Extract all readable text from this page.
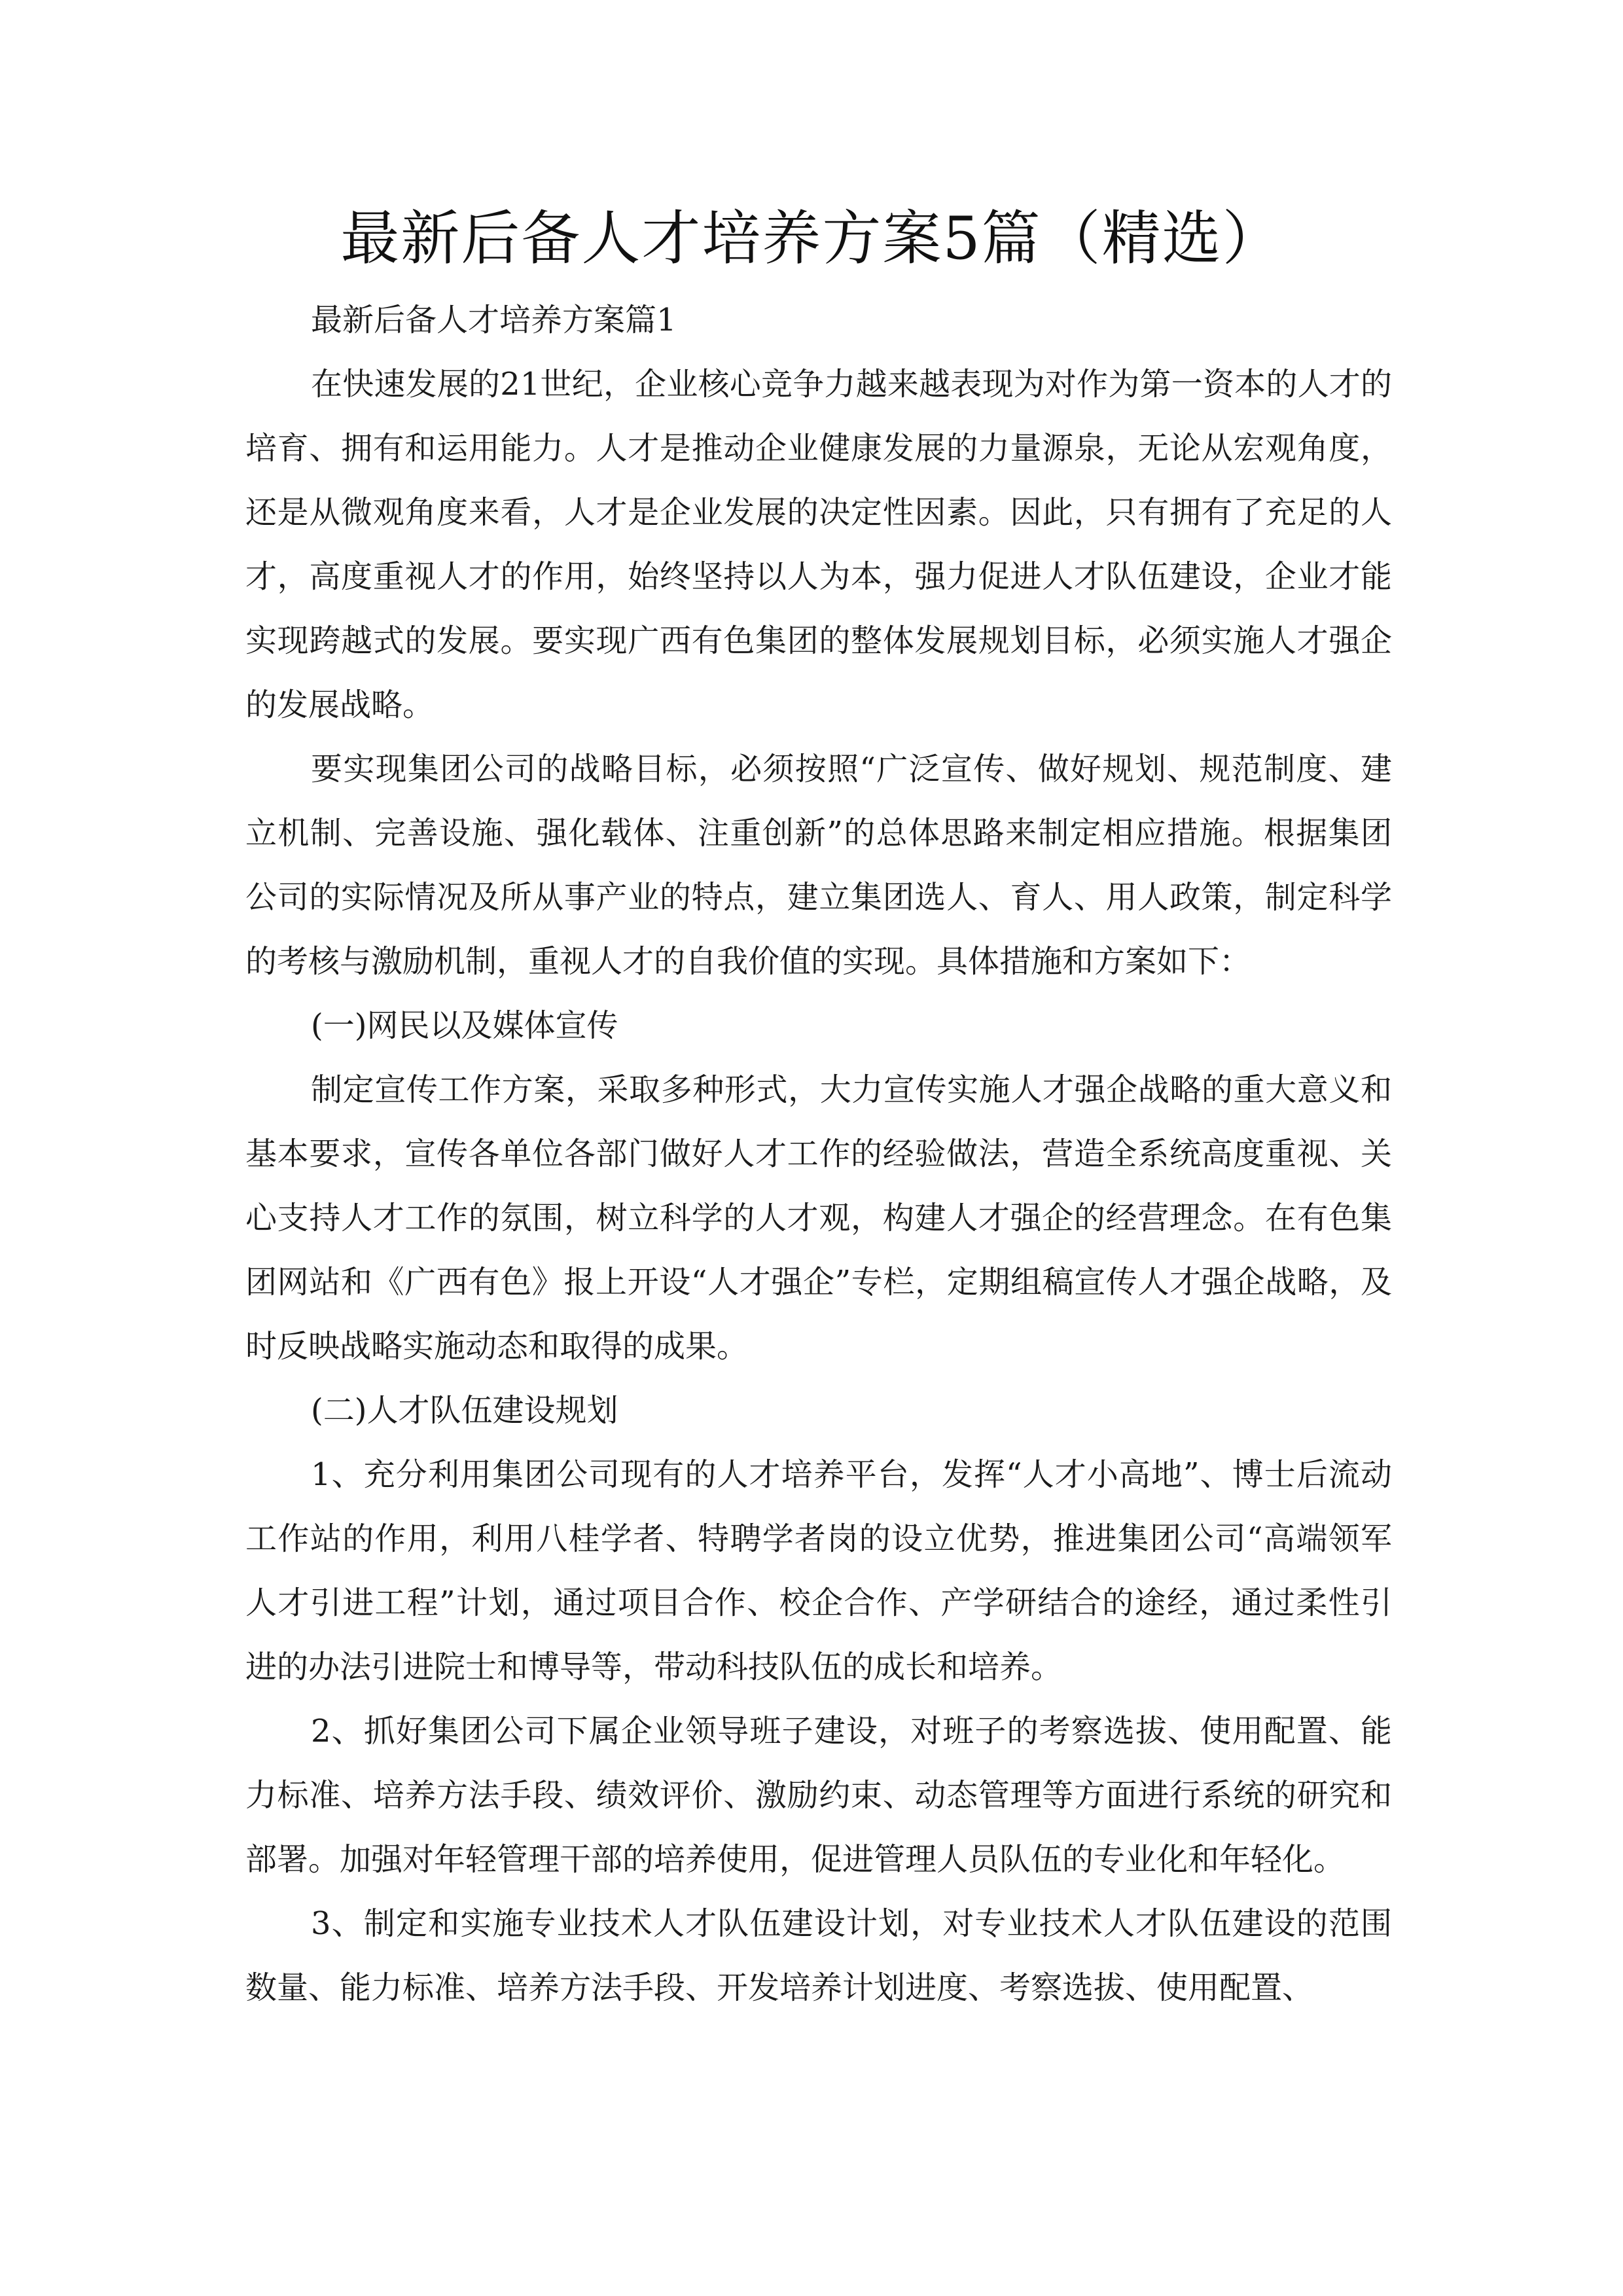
最新后备人才培养方案5篇（精选）

最新后备人才培养方案篇1

在快速发展的21世纪，企业核心竞争力越来越表现为对作为第一资本的人才的培育、拥有和运用能力。人才是推动企业健康发展的力量源泉，无论从宏观角度，还是从微观角度来看，人才是企业发展的决定性因素。因此，只有拥有了充足的人才，高度重视人才的作用，始终坚持以人为本，强力促进人才队伍建设，企业才能实现跨越式的发展。要实现广西有色集团的整体发展规划目标，必须实施人才强企的发展战略。

要实现集团公司的战略目标，必须按照“广泛宣传、做好规划、规范制度、建立机制、完善设施、强化载体、注重创新”的总体思路来制定相应措施。根据集团公司的实际情况及所从事产业的特点，建立集团选人、育人、用人政策，制定科学的考核与激励机制，重视人才的自我价值的实现。具体措施和方案如下：

(一)网民以及媒体宣传

制定宣传工作方案，采取多种形式，大力宣传实施人才强企战略的重大意义和基本要求，宣传各单位各部门做好人才工作的经验做法，营造全系统高度重视、关心支持人才工作的氛围，树立科学的人才观，构建人才强企的经营理念。在有色集团网站和《广西有色》报上开设“人才强企”专栏，定期组稿宣传人才强企战略，及时反映战略实施动态和取得的成果。

(二)人才队伍建设规划

1、充分利用集团公司现有的人才培养平台，发挥“人才小高地”、博士后流动工作站的作用，利用八桂学者、特聘学者岗的设立优势，推进集团公司“高端领军人才引进工程”计划，通过项目合作、校企合作、产学研结合的途经，通过柔性引进的办法引进院士和博导等，带动科技队伍的成长和培养。

2、抓好集团公司下属企业领导班子建设，对班子的考察选拔、使用配置、能力标准、培养方法手段、绩效评价、激励约束、动态管理等方面进行系统的研究和部署。加强对年轻管理干部的培养使用，促进管理人员队伍的专业化和年轻化。

3、制定和实施专业技术人才队伍建设计划，对专业技术人才队伍建设的范围数量、能力标准、培养方法手段、开发培养计划进度、考察选拔、使用配置、
